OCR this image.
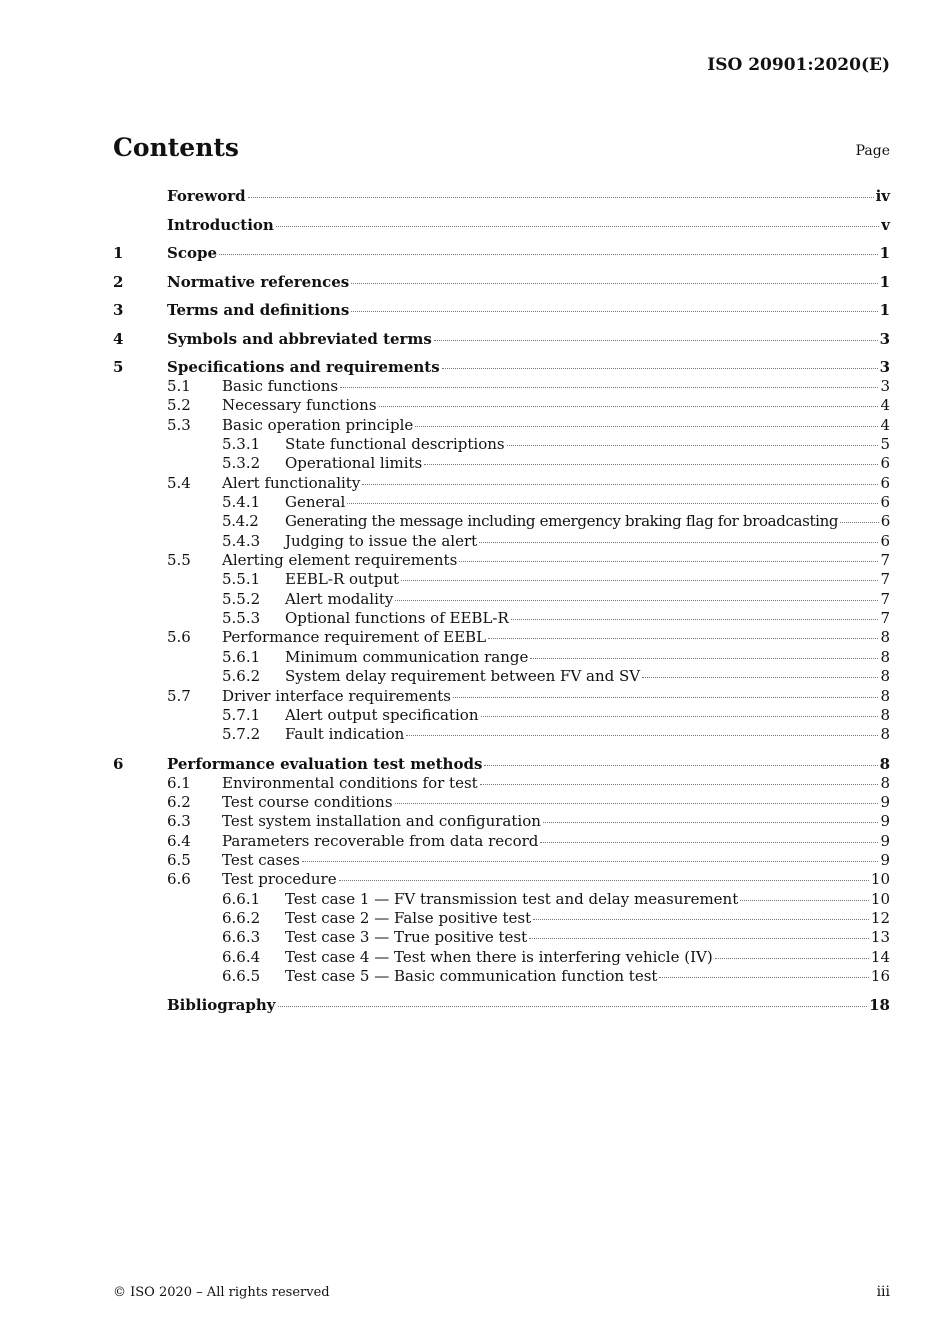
ISO 20901:2020(E)
Contents	Page
Foreword	iv
Introduction	v
1	Scope	1
2	Normative references	1
3	Terms and definitions	1
4	Symbols and abbreviated terms	3
5	Specifications and requirements	3
5.1	Basic functions	3
5.2	Necessary functions	4
5.3	Basic operation principle	4
5.3.1	State functional descriptions	5
5.3.2	Operational limits	6
5.4	Alert functionality	6
5.4.1	General	6
5.4.2	Generating the message including emergency braking flag for broadcasting	6
5.4.3	Judging to issue the alert	6
5.5	Alerting element requirements	7
5.5.1	EEBL-R output	7
5.5.2	Alert modality	7
5.5.3	Optional functions of EEBL-R	7
5.6	Performance requirement of EEBL	8
5.6.1	Minimum communication range	8
5.6.2	System delay requirement between FV and SV	8
5.7	Driver interface requirements	8
5.7.1	Alert output specification	8
5.7.2	Fault indication	8
6	Performance evaluation test methods	8
6.1	Environmental conditions for test	8
6.2	Test course conditions	9
6.3	Test system installation and configuration	9
6.4	Parameters recoverable from data record	9
6.5	Test cases	9
6.6	Test procedure	10
6.6.1	Test case 1 — FV transmission test and delay measurement	10
6.6.2	Test case 2 — False positive test	12
6.6.3	Test case 3 — True positive test	13
6.6.4	Test case 4 — Test when there is interfering vehicle (IV)	14
6.6.5	Test case 5 — Basic communication function test	16
Bibliography	18
© ISO 2020 – All rights reserved	iii
